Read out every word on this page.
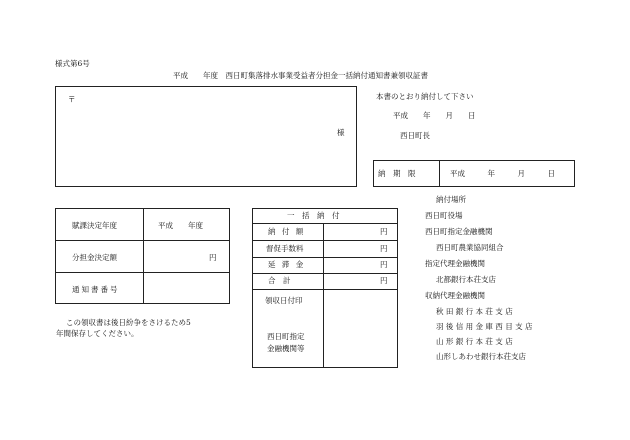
様式第6号
平成　　年度　西日町集落排水事業受益者分担金一括納付通知書兼領収証書
〒
様
本書のとおり納付して下さい
平成　　年　　月　　日
西日町長
納　期　限	平成　　　年　　　月　　　日
賦課決定年度	平成　　年度
分担金決定額	円
通知書番号
一　括　納　付
納 付 額	円
督促手数料	円
延 滞 金	円
合　計	円
領収日付印
西日町指定
金融機関等
この領収書は後日紛争をさけるため5
年間保存してください。
納付場所
西日町役場
西日町指定金融機関
西日町農業協同組合
指定代理金融機関
北都銀行本荘支店
収納代理金融機関
秋 田 銀 行 本 荘 支 店
羽 後 信 用 金 庫 西 目 支 店
山 形 銀 行 本 荘 支 店
山形しあわせ銀行本荘支店
